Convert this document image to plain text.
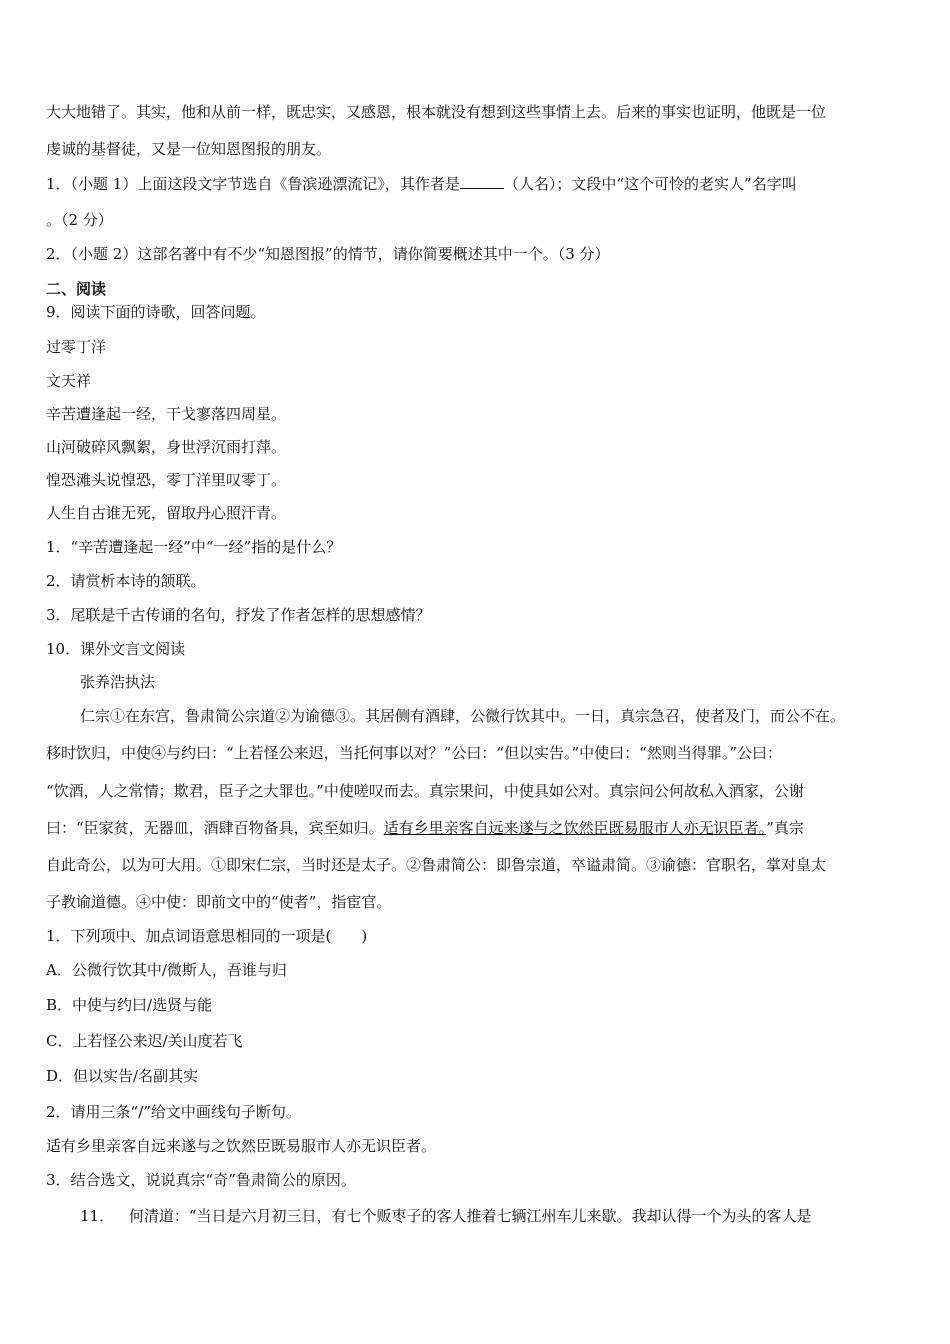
大大地错了。其实，他和从前一样，既忠实，又感恩，根本就没有想到这些事情上去。后来的事实也证明，他既是一位
虔诚的基督徒，又是一位知恩图报的朋友。
1．（小题 1）上面这段文字节选自《鲁滨逊漂流记》，其作者是	（人名）；文段中“这个可怜的老实人”名字叫
。（2 分）
2．（小题 2）这部名著中有不少“知恩图报”的情节，请你简要概述其中一个。（3 分）
二、阅读
9．阅读下面的诗歌，回答问题。
过零丁洋
文天祥
辛苦遭逢起一经，干戈寥落四周星。
山河破碎风飘絮，身世浮沉雨打萍。
惶恐滩头说惶恐，零丁洋里叹零丁。
人生自古谁无死，留取丹心照汗青。
1．“辛苦遭逢起一经”中“一经”指的是什么？
2．请赏析本诗的颔联。
3．尾联是千古传诵的名句，抒发了作者怎样的思想感情？
10．课外文言文阅读
张养浩执法
仁宗①在东宫，鲁肃简公宗道②为谕德③。其居侧有酒肆，公微行饮其中。一日，真宗急召，使者及门，而公不在。
移时饮归，中使④与约曰：“上若怪公来迟，当托何事以对？”公曰：“但以实告。”中使曰：“然则当得罪。”公曰：
“饮酒，人之常情；欺君，臣子之大罪也。”中使嗟叹而去。真宗果问，中使具如公对。真宗问公何故私入酒家，公谢
曰：“臣家贫，无器皿，酒肆百物备具，宾至如归。适有乡里亲客自远来遂与之饮然臣既易服市人亦无识臣者。”真宗
自此奇公，以为可大用。①即宋仁宗，当时还是太子。②鲁肃简公：即鲁宗道，卒谥肃简。③谕德：官职名，掌对皇太
子教谕道德。④中使：即前文中的“使者”，指宦官。
1．下列项中、加点词语意思相同的一项是(　　)
A．公微行饮其中/微斯人，吾谁与归
B．中使与约曰/选贤与能
C．上若怪公来迟/关山度若飞
D．但以实告/名副其实
2．请用三条“/”给文中画线句子断句。
适有乡里亲客自远来遂与之饮然臣既易服市人亦无识臣者。
3．结合选文，说说真宗“奇”鲁肃简公的原因。
11． 何清道：“当日是六月初三日，有七个贩枣子的客人推着七辆江州车儿来歇。我却认得一个为头的客人是
